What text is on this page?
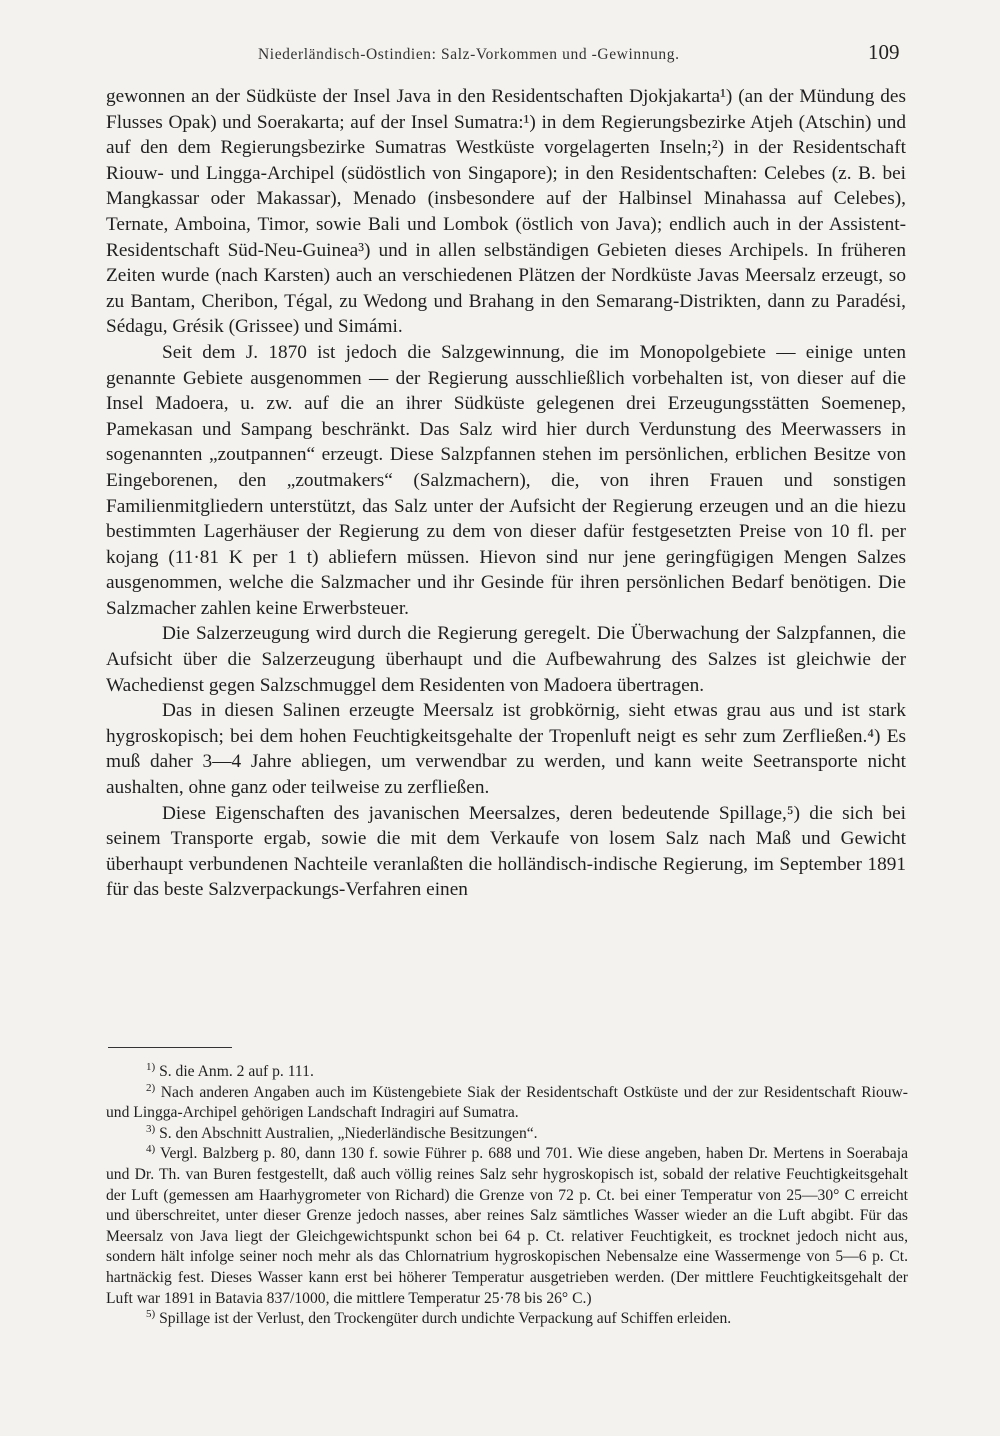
Niederländisch-Ostindien: Salz-Vorkommen und -Gewinnung.	109

gewonnen an der Südküste der Insel Java in den Residentschaften Djokjakarta¹) (an der Mündung des Flusses Opak) und Soerakarta; auf der Insel Sumatra:¹) in dem Regierungsbezirke Atjeh (Atschin) und auf den dem Regierungsbezirke Sumatras Westküste vorgelagerten Inseln;²) in der Residentschaft Riouw- und Lingga-Archipel (südöstlich von Singapore); in den Residentschaften: Celebes (z. B. bei Mangkassar oder Makassar), Menado (insbesondere auf der Halbinsel Minahassa auf Celebes), Ternate, Amboina, Timor, sowie Bali und Lombok (östlich von Java); endlich auch in der Assistent-Residentschaft Süd-Neu-Guinea³) und in allen selbständigen Gebieten dieses Archipels. In früheren Zeiten wurde (nach Karsten) auch an verschiedenen Plätzen der Nordküste Javas Meersalz erzeugt, so zu Bantam, Cheribon, Tégal, zu Wedong und Brahang in den Semarang-Distrikten, dann zu Paradési, Sédagu, Grésik (Grissee) und Simámi.

Seit dem J. 1870 ist jedoch die Salzgewinnung, die im Monopolgebiete — einige unten genannte Gebiete ausgenommen — der Regierung ausschließlich vorbehalten ist, von dieser auf die Insel Madoera, u. zw. auf die an ihrer Südküste gelegenen drei Erzeugungsstätten Soemenep, Pamekasan und Sampang beschränkt. Das Salz wird hier durch Verdunstung des Meerwassers in sogenannten „zoutpannen“ erzeugt. Diese Salzpfannen stehen im persönlichen, erblichen Besitze von Eingeborenen, den „zoutmakers“ (Salzmachern), die, von ihren Frauen und sonstigen Familienmitgliedern unterstützt, das Salz unter der Aufsicht der Regierung erzeugen und an die hiezu bestimmten Lagerhäuser der Regierung zu dem von dieser dafür festgesetzten Preise von 10 fl. per kojang (11·81 K per 1 t) abliefern müssen. Hievon sind nur jene geringfügigen Mengen Salzes ausgenommen, welche die Salzmacher und ihr Gesinde für ihren persönlichen Bedarf benötigen. Die Salzmacher zahlen keine Erwerbsteuer.

Die Salzerzeugung wird durch die Regierung geregelt. Die Überwachung der Salzpfannen, die Aufsicht über die Salzerzeugung überhaupt und die Aufbewahrung des Salzes ist gleichwie der Wachedienst gegen Salzschmuggel dem Residenten von Madoera übertragen.

Das in diesen Salinen erzeugte Meersalz ist grobkörnig, sieht etwas grau aus und ist stark hygroskopisch; bei dem hohen Feuchtigkeitsgehalte der Tropenluft neigt es sehr zum Zerfließen.⁴) Es muß daher 3—4 Jahre abliegen, um verwendbar zu werden, und kann weite Seetransporte nicht aushalten, ohne ganz oder teilweise zu zerfließen.

Diese Eigenschaften des javanischen Meersalzes, deren bedeutende Spillage,⁵) die sich bei seinem Transporte ergab, sowie die mit dem Verkaufe von losem Salz nach Maß und Gewicht überhaupt verbundenen Nachteile veranlaßten die holländisch-indische Regierung, im September 1891 für das beste Salzverpackungs-Verfahren einen

$^{1)}$ S. die Anm. 2 auf p. 111.

$^{2)}$ Nach anderen Angaben auch im Küstengebiete Siak der Residentschaft Ostküste und der zur Residentschaft Riouw- und Lingga-Archipel gehörigen Landschaft Indragiri auf Sumatra.

$^{3)}$ S. den Abschnitt Australien, „Niederländische Besitzungen“.

$^{4)}$ Vergl. Balzberg p. 80, dann 130 f. sowie Führer p. 688 und 701. Wie diese angeben, haben Dr. Mertens in Soerabaja und Dr. Th. van Buren festgestellt, daß auch völlig reines Salz sehr hygroskopisch ist, sobald der relative Feuchtigkeitsgehalt der Luft (gemessen am Haarhygrometer von Richard) die Grenze von 72 p. Ct. bei einer Temperatur von 25—30° C erreicht und überschreitet, unter dieser Grenze jedoch nasses, aber reines Salz sämtliches Wasser wieder an die Luft abgibt. Für das Meersalz von Java liegt der Gleichgewichtspunkt schon bei 64 p. Ct. relativer Feuchtigkeit, es trocknet jedoch nicht aus, sondern hält infolge seiner noch mehr als das Chlornatrium hygroskopischen Nebensalze eine Wassermenge von 5—6 p. Ct. hartnäckig fest. Dieses Wasser kann erst bei höherer Temperatur ausgetrieben werden. (Der mittlere Feuchtigkeitsgehalt der Luft war 1891 in Batavia 837/1000, die mittlere Temperatur 25·78 bis 26° C.)

$^{5)}$ Spillage ist der Verlust, den Trockengüter durch undichte Verpackung auf Schiffen erleiden.
